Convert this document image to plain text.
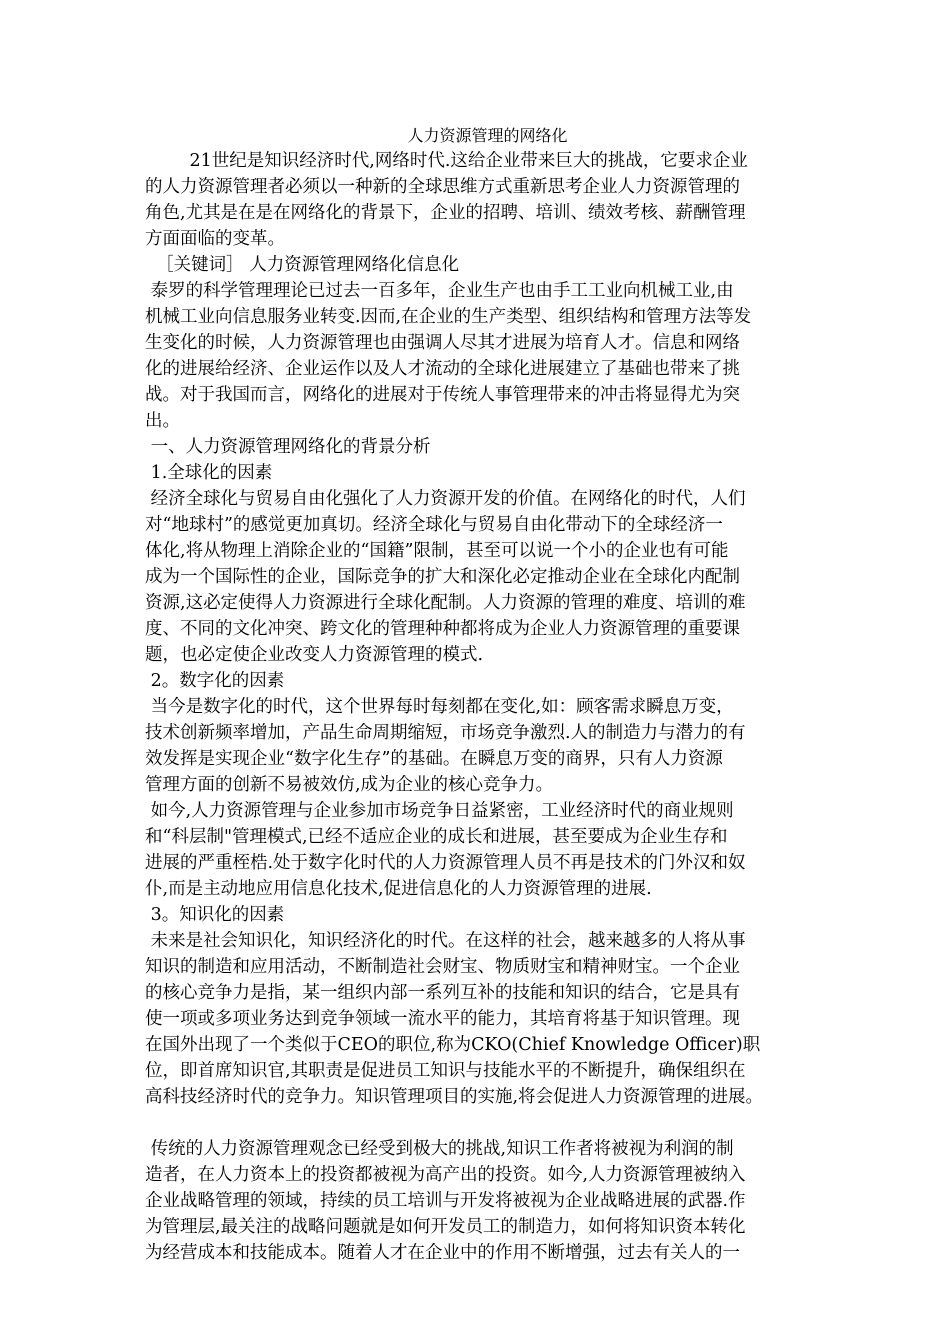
人力资源管理的网络化
21世纪是知识经济时代,网络时代.这给企业带来巨大的挑战，它要求企业
的人力资源管理者必须以一种新的全球思维方式重新思考企业人力资源管理的
角色,尤其是在是在网络化的背景下，企业的招聘、培训、绩效考核、薪酬管理
方面面临的变革。
［关键词］ 人力资源管理网络化信息化
泰罗的科学管理理论已过去一百多年，企业生产也由手工工业向机械工业,由
机械工业向信息服务业转变.因而,在企业的生产类型、组织结构和管理方法等发
生变化的时候，人力资源管理也由强调人尽其才进展为培育人才。信息和网络
化的进展给经济、企业运作以及人才流动的全球化进展建立了基础也带来了挑
战。对于我国而言，网络化的进展对于传统人事管理带来的冲击将显得尤为突
出。
一、人力资源管理网络化的背景分析
1.全球化的因素
经济全球化与贸易自由化强化了人力资源开发的价值。在网络化的时代，人们
对“地球村”的感觉更加真切。经济全球化与贸易自由化带动下的全球经济一
体化,将从物理上消除企业的“国籍”限制，甚至可以说一个小的企业也有可能
成为一个国际性的企业，国际竞争的扩大和深化必定推动企业在全球化内配制
资源,这必定使得人力资源进行全球化配制。人力资源的管理的难度、培训的难
度、不同的文化冲突、跨文化的管理种种都将成为企业人力资源管理的重要课
题，也必定使企业改变人力资源管理的模式.
2。数字化的因素
当今是数字化的时代，这个世界每时每刻都在变化,如：顾客需求瞬息万变，
技术创新频率增加，产品生命周期缩短，市场竞争激烈.人的制造力与潜力的有
效发挥是实现企业“数字化生存”的基础。在瞬息万变的商界，只有人力资源
管理方面的创新不易被效仿,成为企业的核心竞争力。
如今,人力资源管理与企业参加市场竞争日益紧密，工业经济时代的商业规则
和“科层制"管理模式,已经不适应企业的成长和进展，甚至要成为企业生存和
进展的严重桎梏.处于数字化时代的人力资源管理人员不再是技术的门外汉和奴
仆,而是主动地应用信息化技术,促进信息化的人力资源管理的进展.
3。知识化的因素
未来是社会知识化，知识经济化的时代。在这样的社会，越来越多的人将从事
知识的制造和应用活动，不断制造社会财宝、物质财宝和精神财宝。一个企业
的核心竞争力是指，某一组织内部一系列互补的技能和知识的结合，它是具有
使一项或多项业务达到竞争领域一流水平的能力，其培育将基于知识管理。现
在国外出现了一个类似于CEO的职位,称为CKO(Chief Knowledge Officer)职
位，即首席知识官,其职责是促进员工知识与技能水平的不断提升，确保组织在
高科技经济时代的竞争力。知识管理项目的实施,将会促进人力资源管理的进展。
传统的人力资源管理观念已经受到极大的挑战,知识工作者将被视为利润的制
造者，在人力资本上的投资都被视为高产出的投资。如今,人力资源管理被纳入
企业战略管理的领域，持续的员工培训与开发将被视为企业战略进展的武器.作
为管理层,最关注的战略问题就是如何开发员工的制造力，如何将知识资本转化
为经营成本和技能成本。随着人才在企业中的作用不断增强，过去有关人的一
